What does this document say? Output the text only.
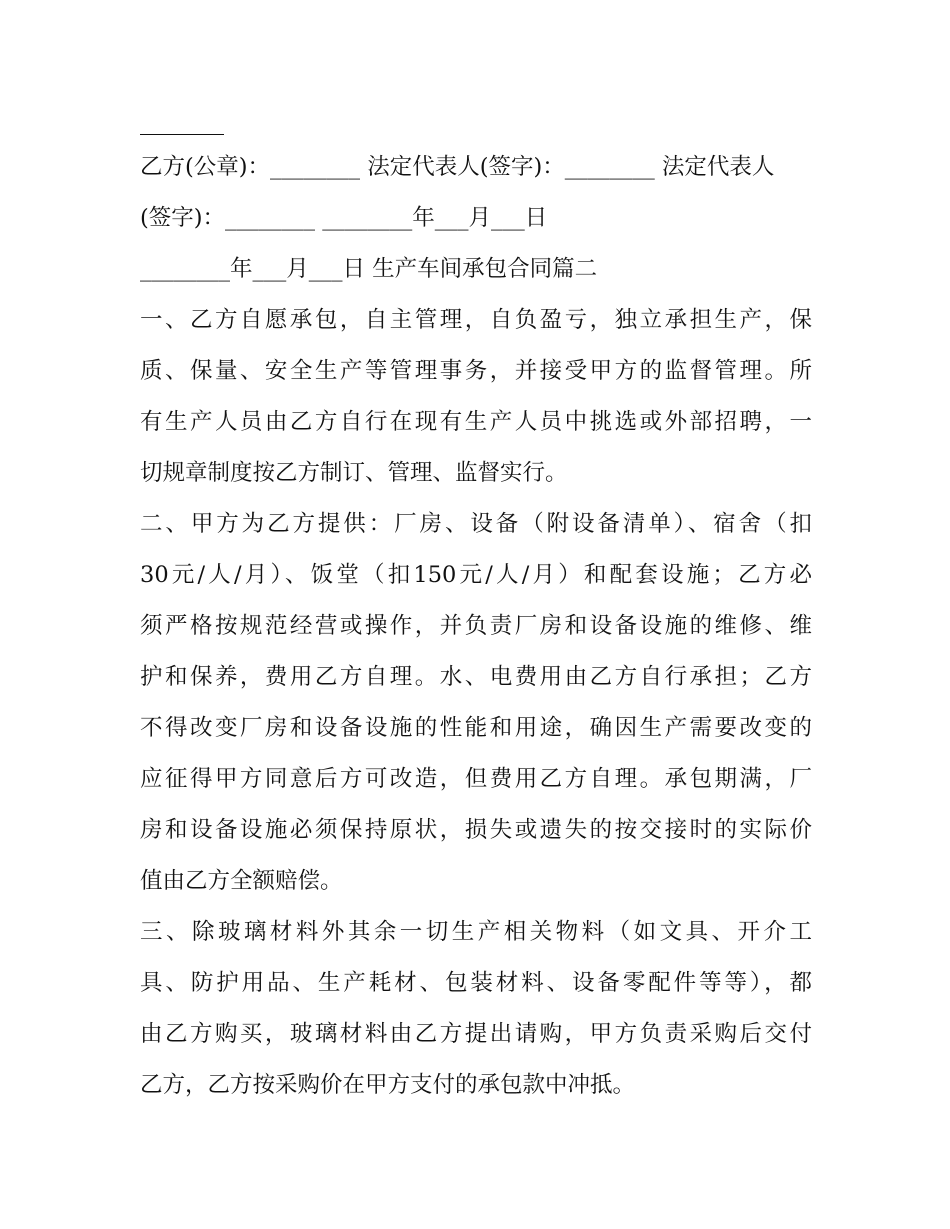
乙方(公章)：________ 法定代表人(签字)：________ 法定代表人
(签字)：________ ________年___月___日
________年___月___日 生产车间承包合同篇二
一、乙方自愿承包，自主管理，自负盈亏，独立承担生产，保
质、保量、安全生产等管理事务，并接受甲方的监督管理。所
有生产人员由乙方自行在现有生产人员中挑选或外部招聘，一
切规章制度按乙方制订、管理、监督实行。
二、甲方为乙方提供：厂房、设备（附设备清单）、宿舍（扣
30元/人/月）、饭堂（扣150元/人/月）和配套设施；乙方必
须严格按规范经营或操作，并负责厂房和设备设施的维修、维
护和保养，费用乙方自理。水、电费用由乙方自行承担；乙方
不得改变厂房和设备设施的性能和用途，确因生产需要改变的
应征得甲方同意后方可改造，但费用乙方自理。承包期满，厂
房和设备设施必须保持原状，损失或遗失的按交接时的实际价
值由乙方全额赔偿。
三、除玻璃材料外其余一切生产相关物料（如文具、开介工
具、防护用品、生产耗材、包装材料、设备零配件等等），都
由乙方购买，玻璃材料由乙方提出请购，甲方负责采购后交付
乙方，乙方按采购价在甲方支付的承包款中冲抵。
